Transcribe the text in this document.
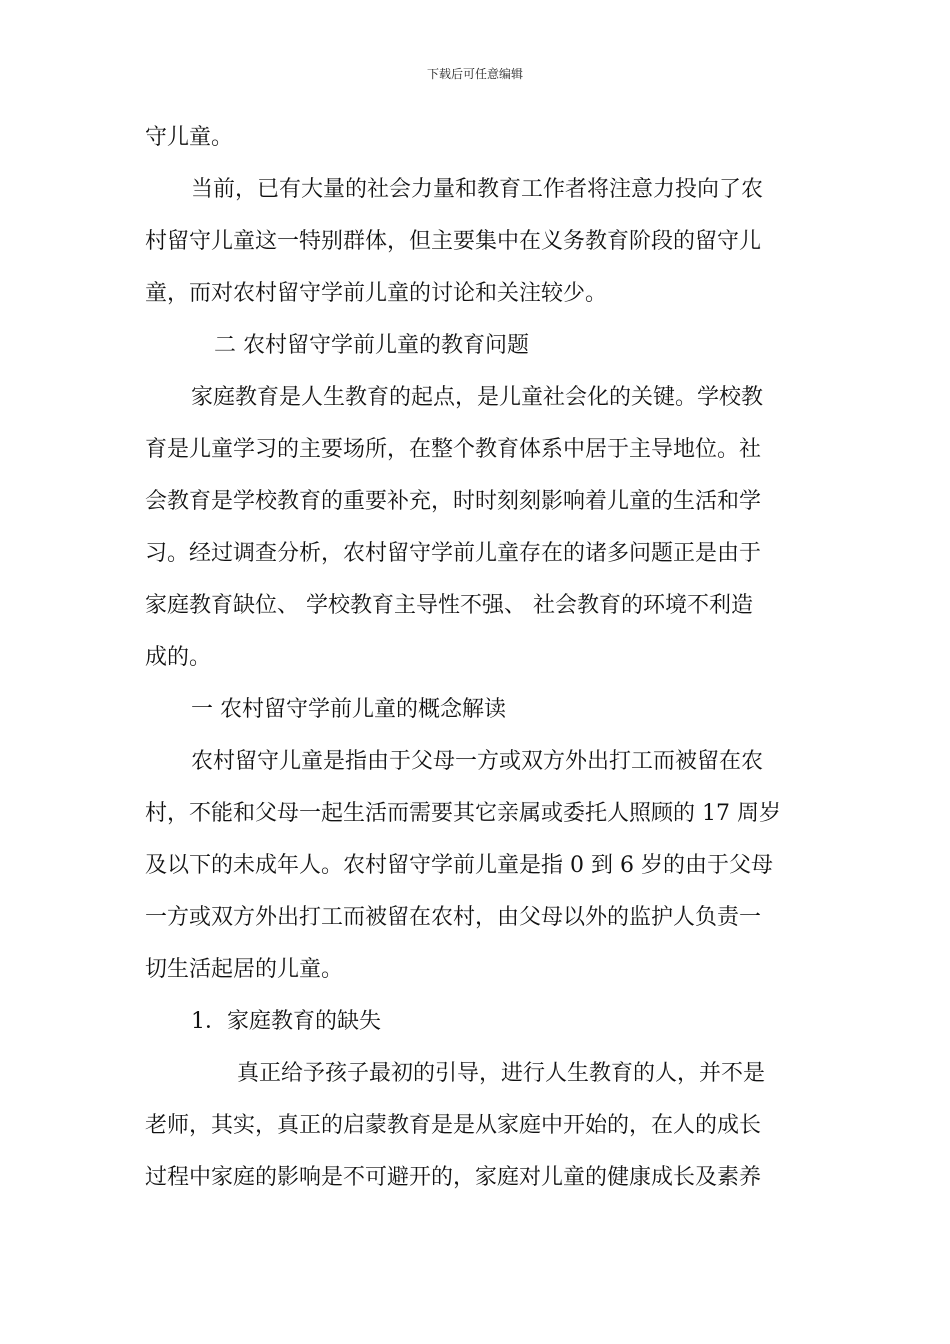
下载后可任意编辑
守儿童。
当前，已有大量的社会力量和教育工作者将注意力投向了农
村留守儿童这一特别群体，但主要集中在义务教育阶段的留守儿
童，而对农村留守学前儿童的讨论和关注较少。
二 农村留守学前儿童的教育问题
家庭教育是人生教育的起点，是儿童社会化的关键。学校教
育是儿童学习的主要场所，在整个教育体系中居于主导地位。社
会教育是学校教育的重要补充，时时刻刻影响着儿童的生活和学
习。经过调查分析，农村留守学前儿童存在的诸多问题正是由于
家庭教育缺位、 学校教育主导性不强、 社会教育的环境不利造
成的。
一 农村留守学前儿童的概念解读
农村留守儿童是指由于父母一方或双方外出打工而被留在农
村，不能和父母一起生活而需要其它亲属或委托人照顾的 17 周岁
及以下的未成年人。农村留守学前儿童是指 0 到 6 岁的由于父母
一方或双方外出打工而被留在农村，由父母以外的监护人负责一
切生活起居的儿童。
1．家庭教育的缺失
真正给予孩子最初的引导，进行人生教育的人，并不是
老师，其实，真正的启蒙教育是是从家庭中开始的，在人的成长
过程中家庭的影响是不可避开的，家庭对儿童的健康成长及素养
